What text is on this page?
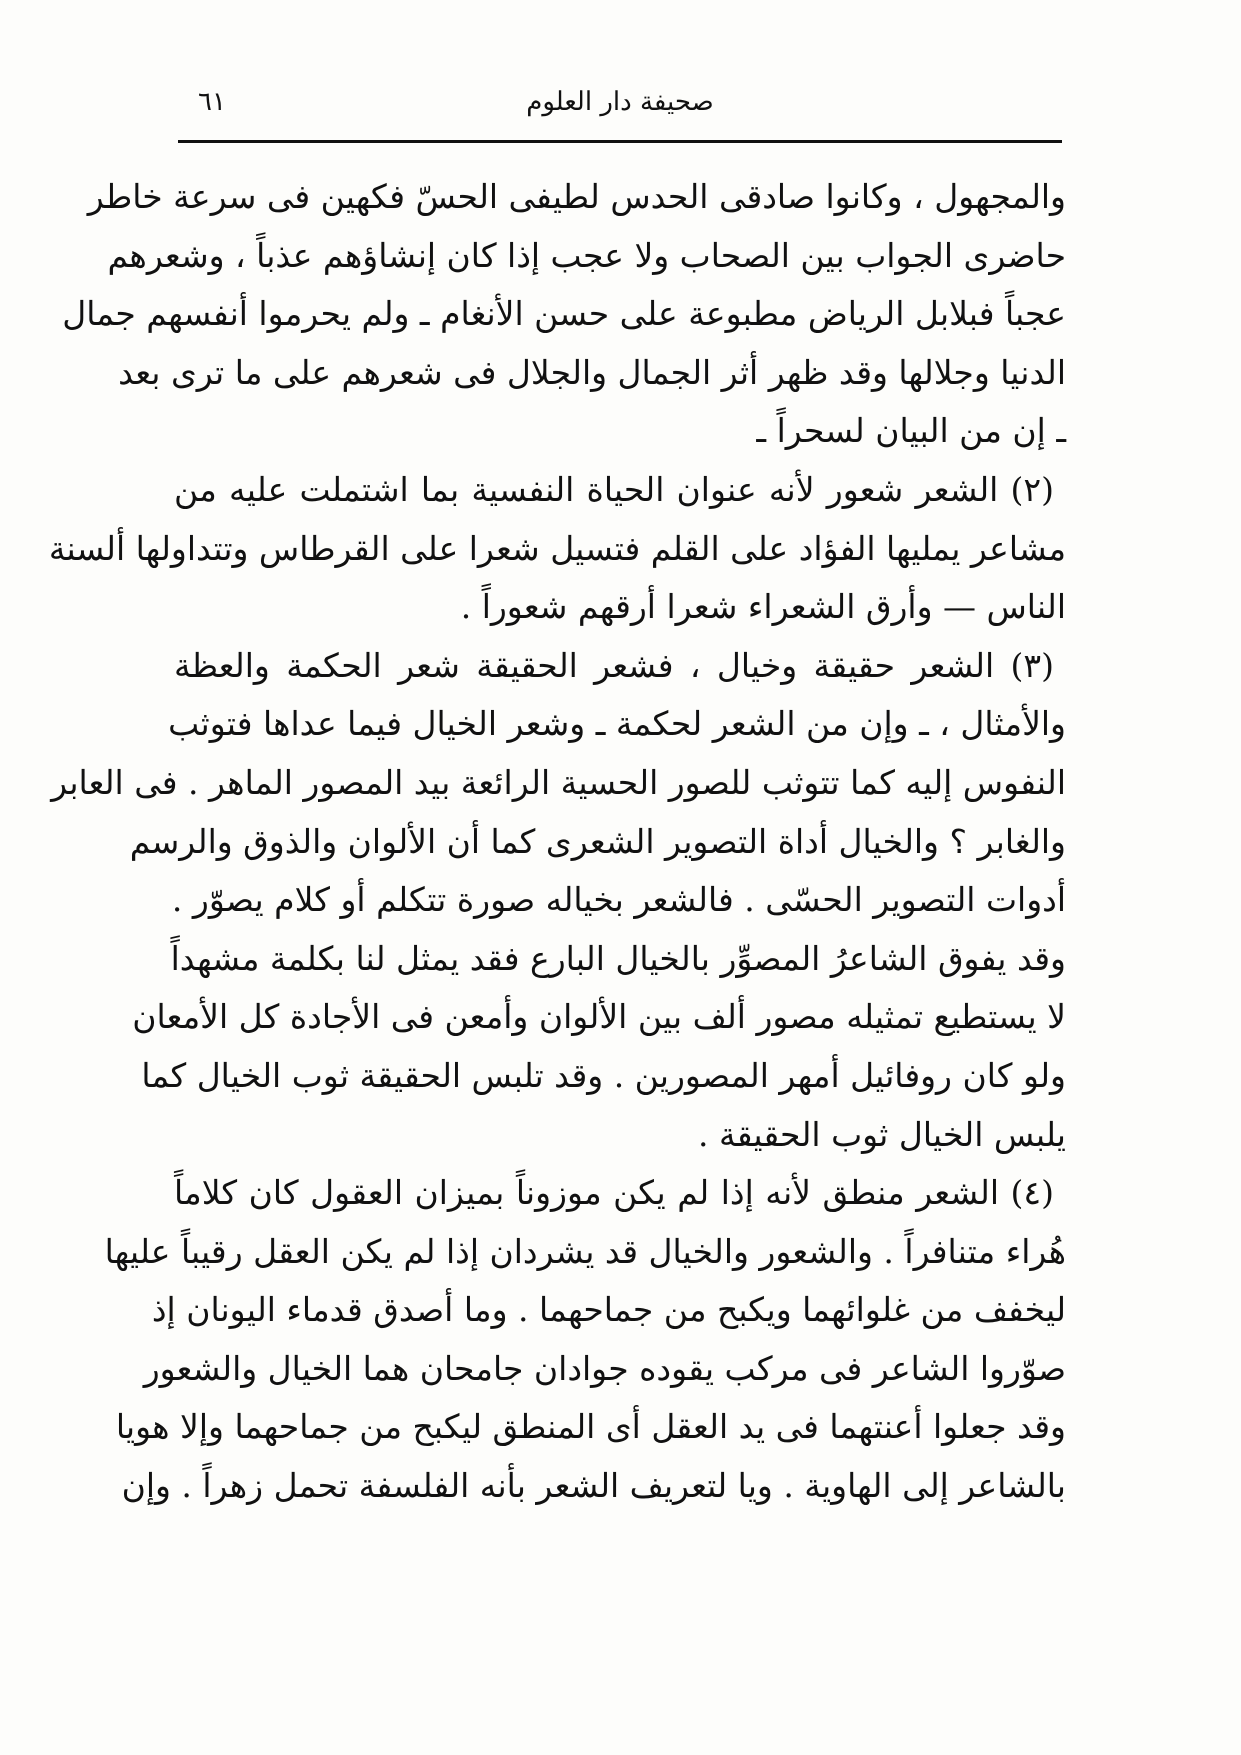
صحيفة دار العلوم
٦١

والمجهول ، وكانوا صادقى الحدس لطيفى الحسّ فكهين فى سرعة خاطر
حاضرى الجواب بين الصحاب ولا عجب إذا كان إنشاؤهم عذباً ، وشعرهم
عجباً فبلابل الرياض مطبوعة على حسن الأنغام ـ ولم يحرموا أنفسهم جمال
الدنيا وجلالها وقد ظهر أثر الجمال والجلال فى شعرهم على ما ترى بعد
ـ إن من البيان لسحراً ـ

(٢) الشعر شعور لأنه عنوان الحياة النفسية بما اشتملت عليه من
مشاعر يمليها الفؤاد على القلم فتسيل شعرا على القرطاس وتتداولها ألسنة
الناس — وأرق الشعراء شعرا أرقهم شعوراً .

(٣) الشعر حقيقة وخيال ، فشعر الحقيقة شعر الحكمة والعظة
والأمثال ، ـ وإن من الشعر لحكمة ـ وشعر الخيال فيما عداها فتوثب
النفوس إليه كما تتوثب للصور الحسية الرائعة بيد المصور الماهر . فى العابر
والغابر ؟ والخيال أداة التصوير الشعرى كما أن الألوان والذوق والرسم
أدوات التصوير الحسّى . فالشعر بخياله صورة تتكلم أو كلام يصوّر .
وقد يفوق الشاعرُ المصوِّر بالخيال البارع فقد يمثل لنا بكلمة مشهداً
لا يستطيع تمثيله مصور ألف بين الألوان وأمعن فى الأجادة كل الأمعان
ولو كان روفائيل أمهر المصورين . وقد تلبس الحقيقة ثوب الخيال كما
يلبس الخيال ثوب الحقيقة .

(٤) الشعر منطق لأنه إذا لم يكن موزوناً بميزان العقول كان كلاماً
هُراء متنافراً . والشعور والخيال قد يشردان إذا لم يكن العقل رقيباً عليها
ليخفف من غلوائهما ويكبح من جماحهما . وما أصدق قدماء اليونان إذ
صوّروا الشاعر فى مركب يقوده جوادان جامحان هما الخيال والشعور
وقد جعلوا أعنتهما فى يد العقل أى المنطق ليكبح من جماحهما وإلا هويا
بالشاعر إلى الهاوية . ويا لتعريف الشعر بأنه الفلسفة تحمل زهراً . وإن
